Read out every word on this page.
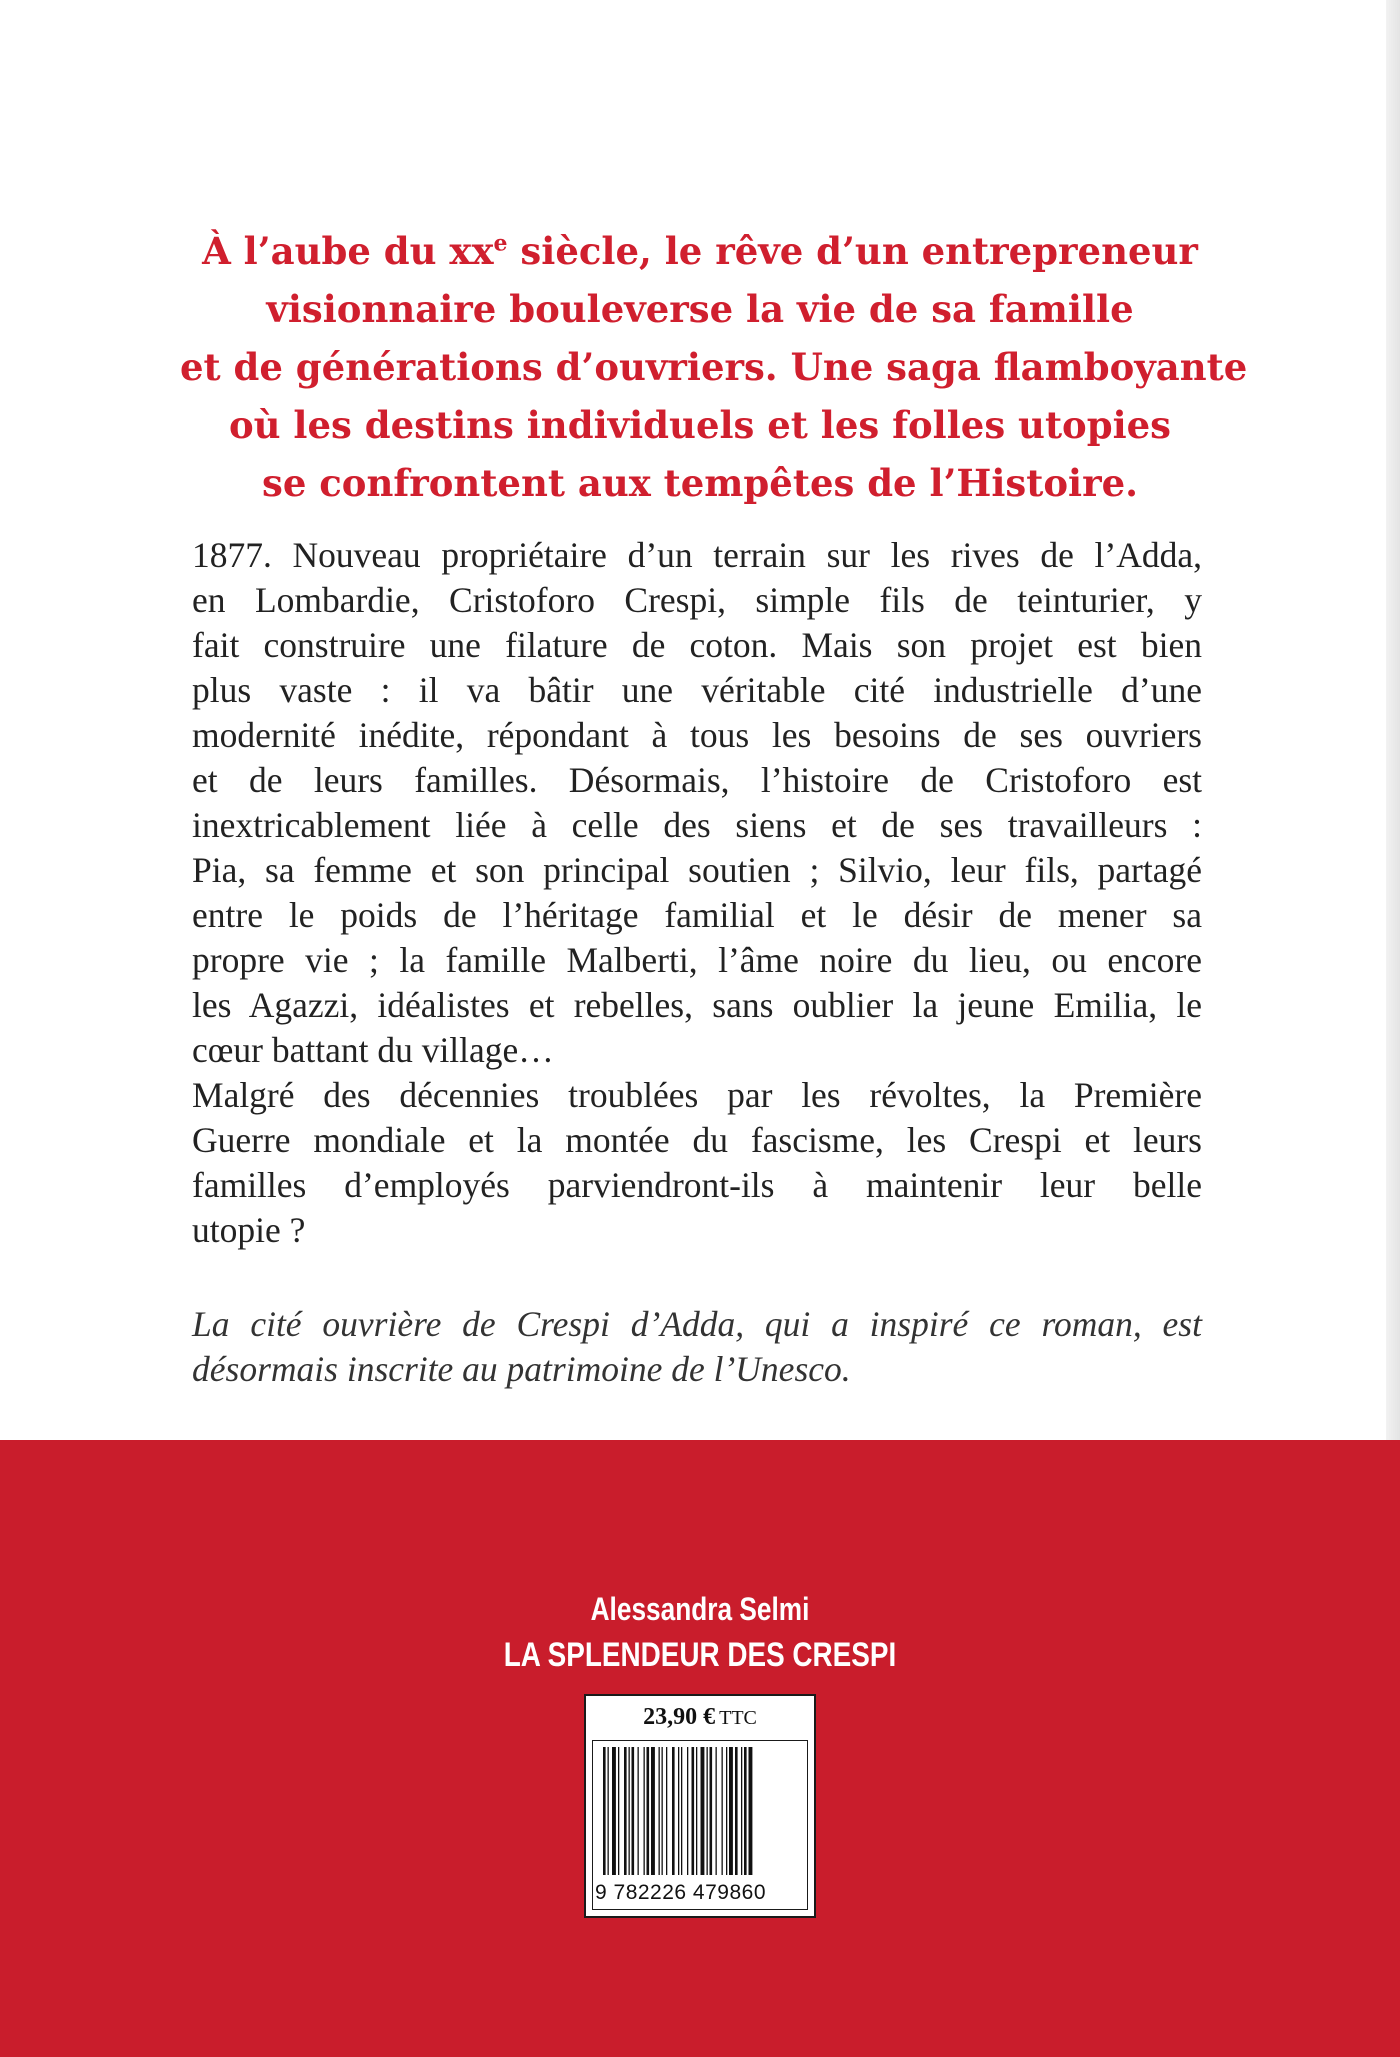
À l’aube du $xx^e$ siècle, le rêve d’un entrepreneur
visionnaire bouleverse la vie de sa famille
et de générations d’ouvriers. Une saga flamboyante
où les destins individuels et les folles utopies
se confrontent aux tempêtes de l’Histoire.
1877. Nouveau propriétaire d’un terrain sur les rives de l’Adda,
en Lombardie, Cristoforo Crespi, simple fils de teinturier, y
fait construire une filature de coton. Mais son projet est bien
plus vaste : il va bâtir une véritable cité industrielle d’une
modernité inédite, répondant à tous les besoins de ses ouvriers
et de leurs familles. Désormais, l’histoire de Cristoforo est
inextricablement liée à celle des siens et de ses travailleurs :
Pia, sa femme et son principal soutien ; Silvio, leur fils, partagé
entre le poids de l’héritage familial et le désir de mener sa
propre vie ; la famille Malberti, l’âme noire du lieu, ou encore
les Agazzi, idéalistes et rebelles, sans oublier la jeune Emilia, le
cœur battant du village…
Malgré des décennies troublées par les révoltes, la Première
Guerre mondiale et la montée du fascisme, les Crespi et leurs
familles d’employés parviendront-ils à maintenir leur belle
utopie ?
La cité ouvrière de Crespi d’Adda, qui a inspiré ce roman, est
désormais inscrite au patrimoine de l’Unesco.
Alessandra Selmi
LA SPLENDEUR DES CRESPI
23,90 € TTC
9 782226 479860
